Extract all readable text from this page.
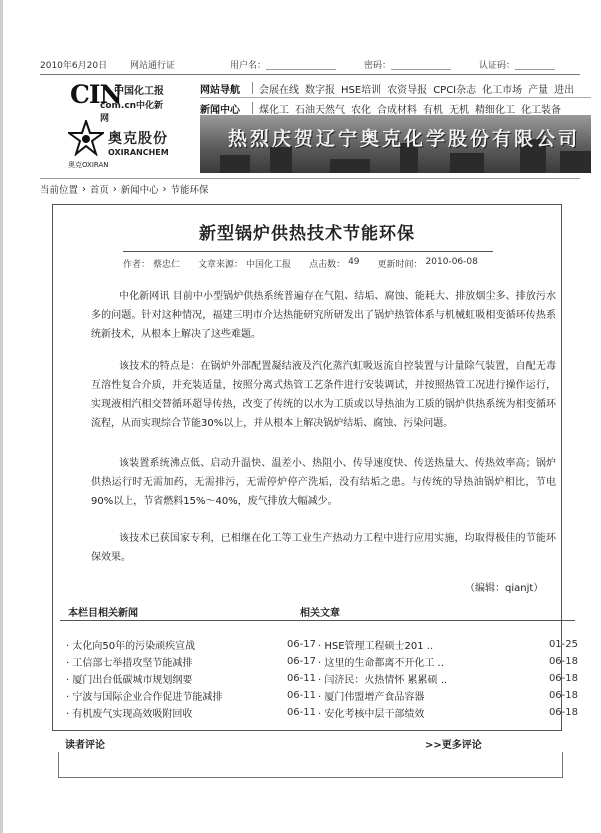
2010年6月20日	网站通行证	用户名：	密码：	认证码：
CIN
中国化工报
com.cn中化新网
奥克股份
OXIRANCHEM
奥克OXIRAN
网站导航	会展在线 数字报 HSE培训 农资导报 CPCI杂志 化工市场 产量 进出
新闻中心	煤化工 石油天然气 农化 合成材料 有机 无机 精细化工 化工装备
热烈庆贺辽宁奥克化学股份有限公司
当前位置 › 首页 › 新闻中心 › 节能环保
新型锅炉供热技术节能环保
作者： 蔡忠仁 文章来源： 中国化工报 点击数： 49 更新时间： 2010-06-08

中化新网讯 目前中小型锅炉供热系统普遍存在气阻、结垢、腐蚀、能耗大、排放烟尘多、排放污水多的问题。针对这种情况，福建三明市介达热能研究所研发出了锅炉热管体系与机械虹吸相变循环传热系统新技术，从根本上解决了这些难题。

该技术的特点是：在锅炉外部配置凝结液及汽化蒸汽虹吸返流自控装置与计量除气装置，自配无毒互溶性复合介质，并充装适量，按照分离式热管工艺条件进行安装调试，并按照热管工况进行操作运行，实现液相汽相交替循环超导传热，改变了传统的以水为工质或以导热油为工质的锅炉供热系统为相变循环流程，从而实现综合节能30%以上，并从根本上解决锅炉结垢、腐蚀、污染问题。

该装置系统沸点低、启动升温快、温差小、热阻小、传导速度快、传送热量大、传热效率高；锅炉供热运行时无需加药，无需排污，无需停炉停产洗垢，没有结垢之患。与传统的导热油锅炉相比，节电90%以上，节省燃料15%～40%，废气排放大幅减少。

该技术已获国家专利，已相继在化工等工业生产热动力工程中进行应用实施，均取得极佳的节能环保效果。

（编辑：qianjt）
本栏目相关新闻	相关文章
· 太化向50年的污染顽疾宣战	06-17
· 工信部七举措攻坚节能减排	06-17
· 厦门出台低碳城市规划纲要	06-11
· 宁波与国际企业合作促进节能减排	06-11
· 有机废气实现高效吸附回收	06-11
· HSE管理工程硕士201 ..	01-25
· 这里的生命都离不开化工 ..	06-18
· 闫济民：火热情怀 累累硕 ..	06-18
· 厦门伟盟增产食品容器	06-18
· 安化考核中层干部绩效	06-18
读者评论	>>更多评论
